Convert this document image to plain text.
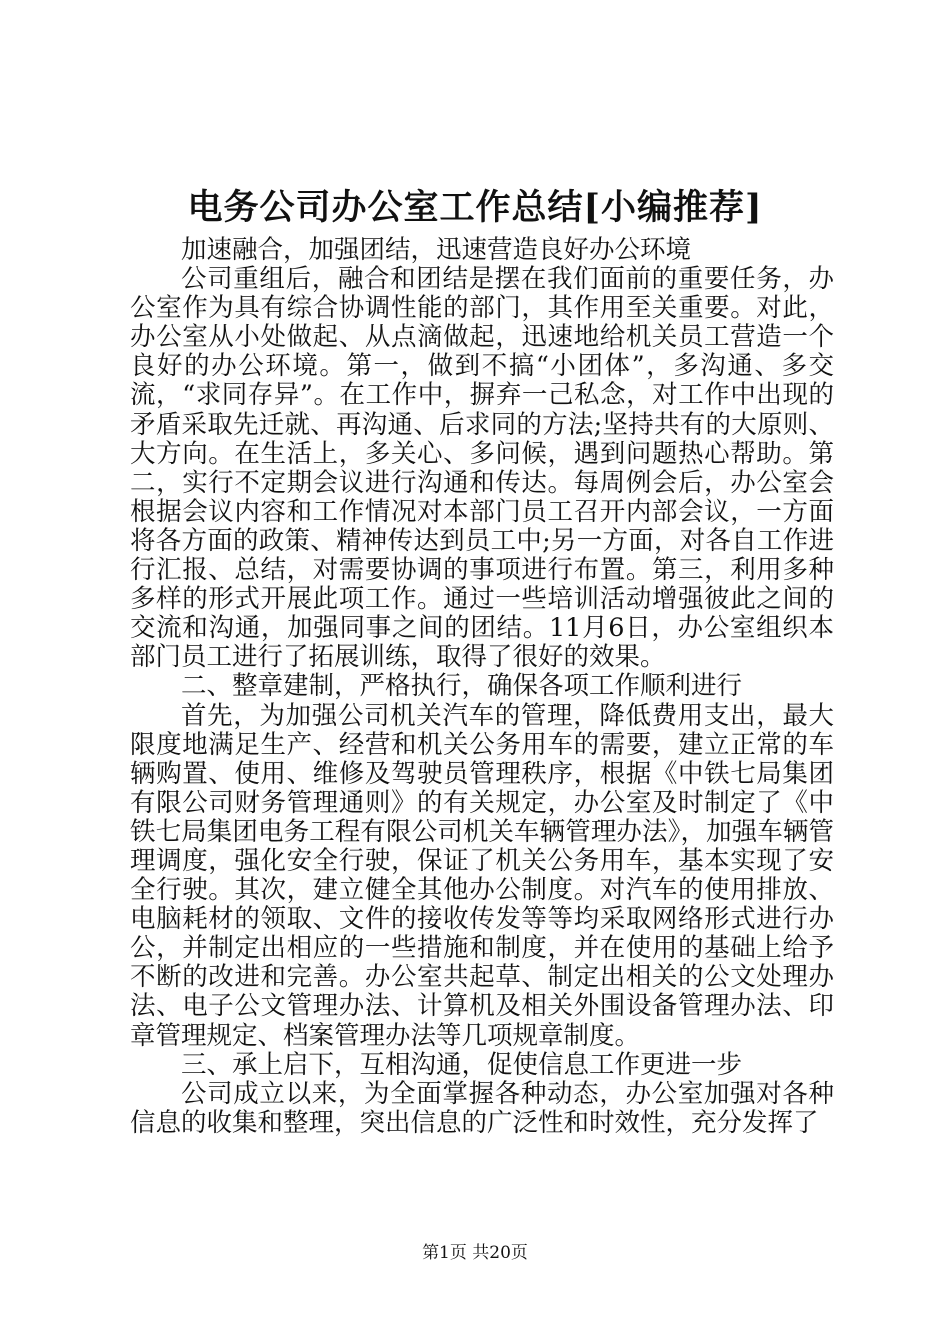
电务公司办公室工作总结[小编推荐]

加速融合，加强团结，迅速营造良好办公环境

公司重组后，融合和团结是摆在我们面前的重要任务，办公室作为具有综合协调性能的部门，其作用至关重要。对此，办公室从小处做起、从点滴做起，迅速地给机关员工营造一个良好的办公环境。第一，做到不搞“小团体”，多沟通、多交流，“求同存异”。在工作中，摒弃一己私念，对工作中出现的矛盾采取先迁就、再沟通、后求同的方法;坚持共有的大原则、大方向。在生活上，多关心、多问候，遇到问题热心帮助。第二，实行不定期会议进行沟通和传达。每周例会后，办公室会根据会议内容和工作情况对本部门员工召开内部会议，一方面将各方面的政策、精神传达到员工中;另一方面，对各自工作进行汇报、总结，对需要协调的事项进行布置。第三，利用多种多样的形式开展此项工作。通过一些培训活动增强彼此之间的交流和沟通，加强同事之间的团结。11月6日，办公室组织本部门员工进行了拓展训练，取得了很好的效果。

二、整章建制，严格执行，确保各项工作顺利进行

首先，为加强公司机关汽车的管理，降低费用支出，最大限度地满足生产、经营和机关公务用车的需要，建立正常的车辆购置、使用、维修及驾驶员管理秩序，根据《中铁七局集团有限公司财务管理通则》的有关规定，办公室及时制定了《中铁七局集团电务工程有限公司机关车辆管理办法》，加强车辆管理调度，强化安全行驶，保证了机关公务用车，基本实现了安全行驶。其次，建立健全其他办公制度。对汽车的使用排放、电脑耗材的领取、文件的接收传发等等均采取网络形式进行办公，并制定出相应的一些措施和制度，并在使用的基础上给予不断的改进和完善。办公室共起草、制定出相关的公文处理办法、电子公文管理办法、计算机及相关外围设备管理办法、印章管理规定、档案管理办法等几项规章制度。

三、承上启下，互相沟通，促使信息工作更进一步

公司成立以来，为全面掌握各种动态，办公室加强对各种信息的收集和整理，突出信息的广泛性和时效性，充分发挥了

第1页 共20页
